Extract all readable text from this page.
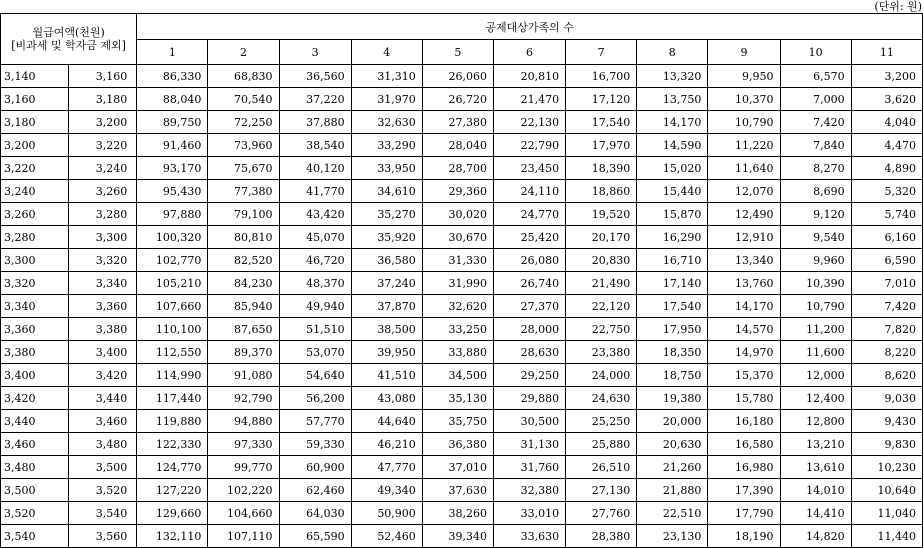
(단위: 원)
월급여액(천원)
[비과세 및 학자금 제외]		공제대상가족의 수										
		1	2	3	4	5	6	7	8	9	10	11
3,140	3,160	86,330	68,830	36,560	31,310	26,060	20,810	16,700	13,320	9,950	6,570	3,200
3,160	3,180	88,040	70,540	37,220	31,970	26,720	21,470	17,120	13,750	10,370	7,000	3,620
3,180	3,200	89,750	72,250	37,880	32,630	27,380	22,130	17,540	14,170	10,790	7,420	4,040
3,200	3,220	91,460	73,960	38,540	33,290	28,040	22,790	17,970	14,590	11,220	7,840	4,470
3,220	3,240	93,170	75,670	40,120	33,950	28,700	23,450	18,390	15,020	11,640	8,270	4,890
3,240	3,260	95,430	77,380	41,770	34,610	29,360	24,110	18,860	15,440	12,070	8,690	5,320
3,260	3,280	97,880	79,100	43,420	35,270	30,020	24,770	19,520	15,870	12,490	9,120	5,740
3,280	3,300	100,320	80,810	45,070	35,920	30,670	25,420	20,170	16,290	12,910	9,540	6,160
3,300	3,320	102,770	82,520	46,720	36,580	31,330	26,080	20,830	16,710	13,340	9,960	6,590
3,320	3,340	105,210	84,230	48,370	37,240	31,990	26,740	21,490	17,140	13,760	10,390	7,010
3,340	3,360	107,660	85,940	49,940	37,870	32,620	27,370	22,120	17,540	14,170	10,790	7,420
3,360	3,380	110,100	87,650	51,510	38,500	33,250	28,000	22,750	17,950	14,570	11,200	7,820
3,380	3,400	112,550	89,370	53,070	39,950	33,880	28,630	23,380	18,350	14,970	11,600	8,220
3,400	3,420	114,990	91,080	54,640	41,510	34,500	29,250	24,000	18,750	15,370	12,000	8,620
3,420	3,440	117,440	92,790	56,200	43,080	35,130	29,880	24,630	19,380	15,780	12,400	9,030
3,440	3,460	119,880	94,880	57,770	44,640	35,750	30,500	25,250	20,000	16,180	12,800	9,430
3,460	3,480	122,330	97,330	59,330	46,210	36,380	31,130	25,880	20,630	16,580	13,210	9,830
3,480	3,500	124,770	99,770	60,900	47,770	37,010	31,760	26,510	21,260	16,980	13,610	10,230
3,500	3,520	127,220	102,220	62,460	49,340	37,630	32,380	27,130	21,880	17,390	14,010	10,640
3,520	3,540	129,660	104,660	64,030	50,900	38,260	33,010	27,760	22,510	17,790	14,410	11,040
3,540	3,560	132,110	107,110	65,590	52,460	39,340	33,630	28,380	23,130	18,190	14,820	11,440
